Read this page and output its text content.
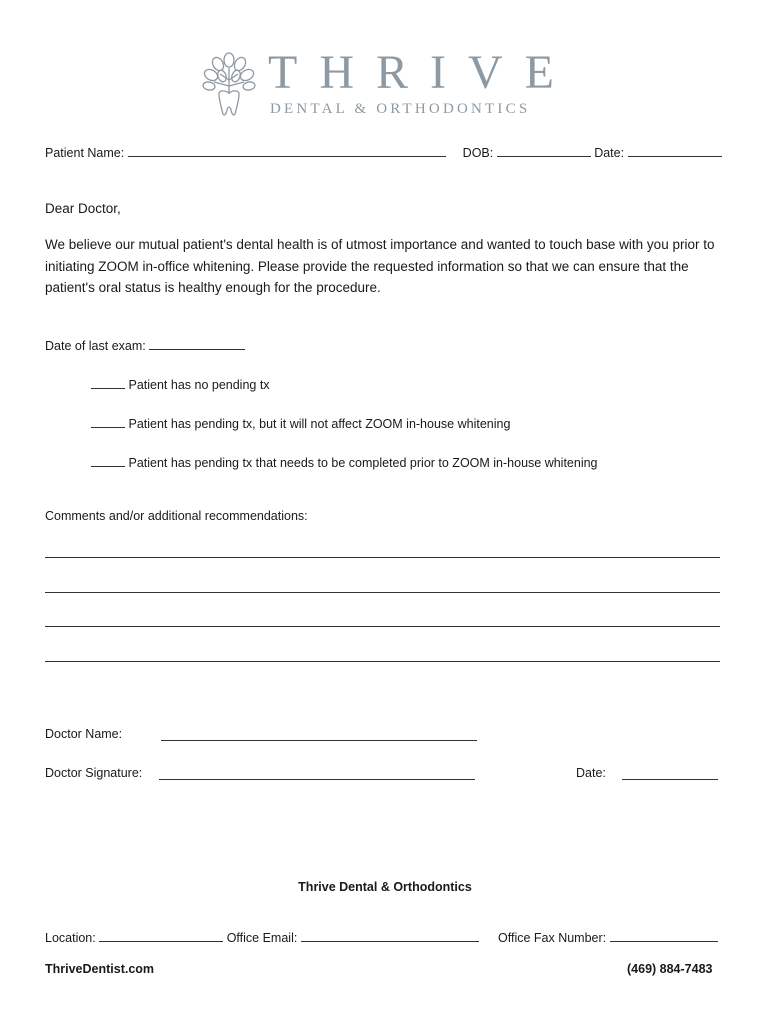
THRIVE
DENTAL & ORTHODONTICS
Patient Name:	DOB:	Date:
Dear Doctor,
We believe our mutual patient's dental health is of utmost importance and wanted to touch base with you prior to initiating ZOOM in-office whitening. Please provide the requested information so that we can ensure that the patient's oral status is healthy enough for the procedure.
Date of last exam:
Patient has no pending tx
Patient has pending tx, but it will not affect ZOOM in-house whitening
Patient has pending tx that needs to be completed prior to ZOOM in-house whitening
Comments and/or additional recommendations:
Doctor Name:
Doctor Signature:	Date:
Thrive Dental & Orthodontics
Location:	Office Email:	Office Fax Number:
ThriveDentist.com	(469) 884-7483
